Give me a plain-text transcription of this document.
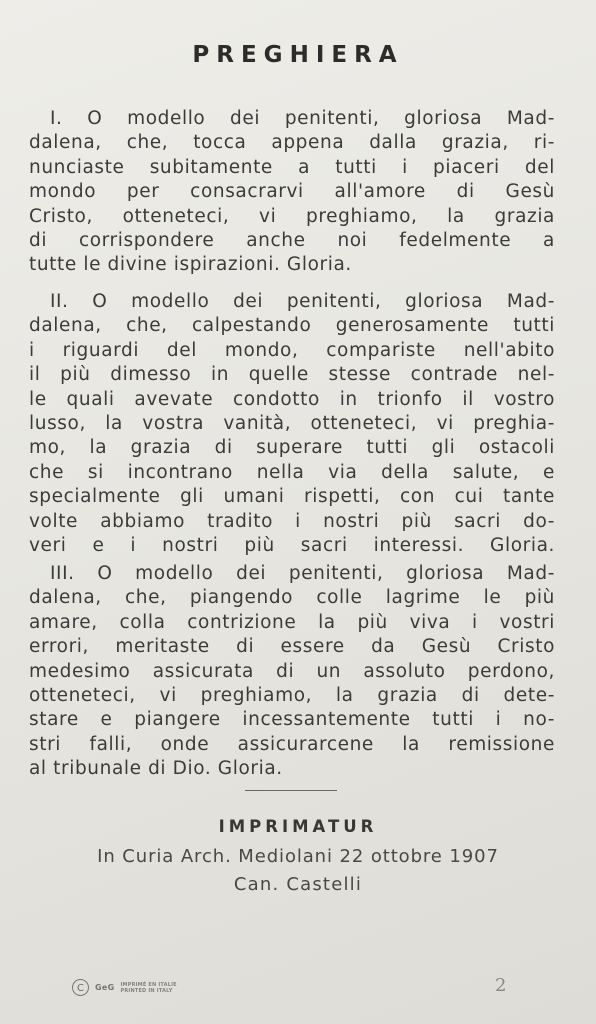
PREGHIERA
I. O modello dei penitenti, gloriosa Mad-
dalena, che, tocca appena dalla grazia, ri-
nunciaste subitamente a tutti i piaceri del
mondo per consacrarvi all'amore di Gesù
Cristo, otteneteci, vi preghiamo, la grazia
di corrispondere anche noi fedelmente a
tutte le divine ispirazioni. Gloria.
II. O modello dei penitenti, gloriosa Mad-
dalena, che, calpestando generosamente tutti
i riguardi del mondo, compariste nell'abito
il più dimesso in quelle stesse contrade nel-
le quali avevate condotto in trionfo il vostro
lusso, la vostra vanità, otteneteci, vi preghia-
mo, la grazia di superare tutti gli ostacoli
che si incontrano nella via della salute, e
specialmente gli umani rispetti, con cui tante
volte abbiamo tradito i nostri più sacri do-
veri e i nostri più sacri interessi. Gloria.
III. O modello dei penitenti, gloriosa Mad-
dalena, che, piangendo colle lagrime le più
amare, colla contrizione la più viva i vostri
errori, meritaste di essere da Gesù Cristo
medesimo assicurata di un assoluto perdono,
otteneteci, vi preghiamo, la grazia di dete-
stare e piangere incessantemente tutti i no-
stri falli, onde assicurarcene la remissione
al tribunale di Dio. Gloria.
IMPRIMATUR
In Curia Arch. Mediolani 22 ottobre 1907
Can. Castelli
C	GeG IMPRIMÉ EN ITALIE
PRINTED IN ITALY	2
